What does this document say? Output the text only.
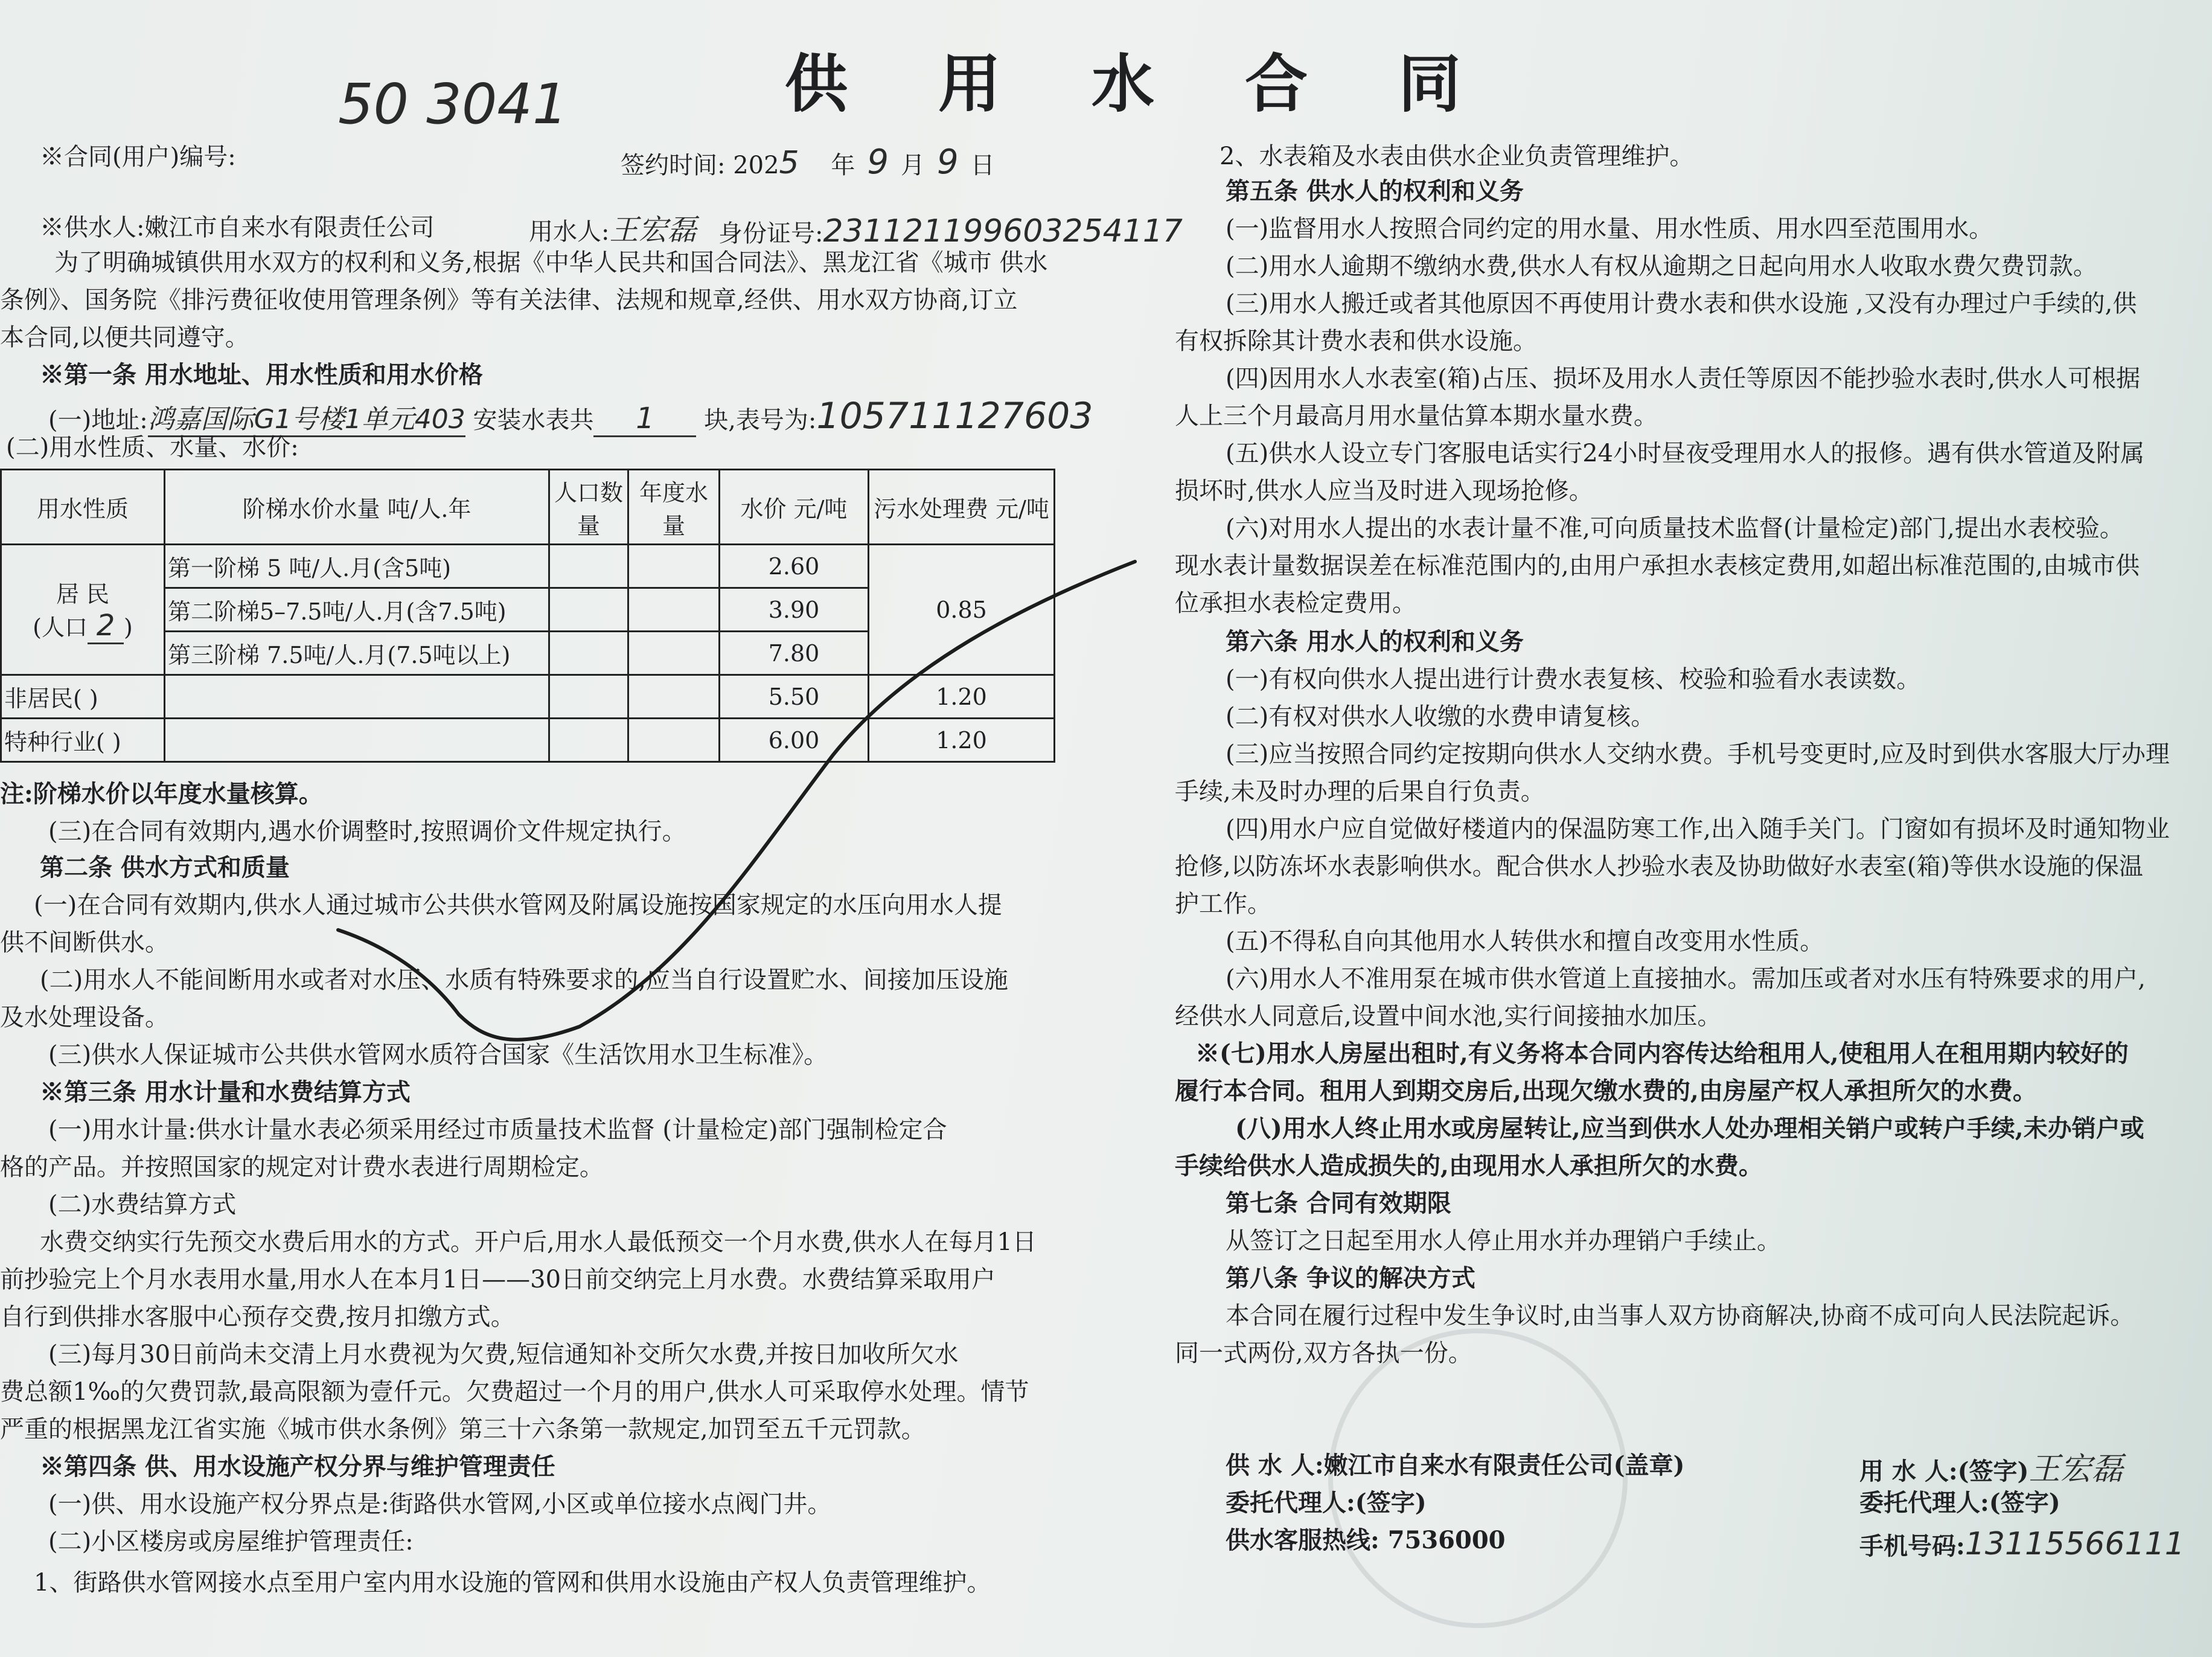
供用水合同
50 3041
※合同(用户)编号:	签约时间: 2025 年 9 月 9 日
※供水人:嫩江市自来水有限责任公司	用水人:王宏磊 身份证号:231121199603254117
为了明确城镇供用水双方的权利和义务,根据《中华人民共和国合同法》、黑龙江省《城市 供水
条例》、国务院《排污费征收使用管理条例》等有关法律、法规和规章,经供、用水双方协商,订立
本合同,以便共同遵守。
※第一条 用水地址、用水性质和用水价格
(一)地址:鸿嘉国际G1号楼1单元403 安装水表共 1 块,表号为:105711127603
(二)用水性质、水量、水价:
用水性质	阶梯水价水量 吨/人.年	人口数量	年度水量	水价 元/吨	污水处理费 元/吨

居 民
(人口 2 )	第一阶梯 5 吨/人.月(含5吨)			2.60	0.85
	第二阶梯5–7.5吨/人.月(含7.5吨)			3.90	
	第三阶梯 7.5吨/人.月(7.5吨以上)			7.80	
非居民( )				5.50	1.20
特种行业( )				6.00	1.20
注:阶梯水价以年度水量核算。
(三)在合同有效期内,遇水价调整时,按照调价文件规定执行。
第二条 供水方式和质量
(一)在合同有效期内,供水人通过城市公共供水管网及附属设施按国家规定的水压向用水人提
供不间断供水。
(二)用水人不能间断用水或者对水压、水质有特殊要求的,应当自行设置贮水、间接加压设施
及水处理设备。
(三)供水人保证城市公共供水管网水质符合国家《生活饮用水卫生标准》。
※第三条 用水计量和水费结算方式
(一)用水计量:供水计量水表必须采用经过市质量技术监督 (计量检定)部门强制检定合
格的产品。并按照国家的规定对计费水表进行周期检定。
(二)水费结算方式
水费交纳实行先预交水费后用水的方式。开户后,用水人最低预交一个月水费,供水人在每月1日
前抄验完上个月水表用水量,用水人在本月1日——30日前交纳完上月水费。水费结算采取用户
自行到供排水客服中心预存交费,按月扣缴方式。
(三)每月30日前尚未交清上月水费视为欠费,短信通知补交所欠水费,并按日加收所欠水
费总额1‰的欠费罚款,最高限额为壹仟元。欠费超过一个月的用户,供水人可采取停水处理。情节
严重的根据黑龙江省实施《城市供水条例》第三十六条第一款规定,加罚至五千元罚款。
※第四条 供、用水设施产权分界与维护管理责任
(一)供、用水设施产权分界点是:街路供水管网,小区或单位接水点阀门井。
(二)小区楼房或房屋维护管理责任:
1、街路供水管网接水点至用户室内用水设施的管网和供用水设施由产权人负责管理维护。
2、水表箱及水表由供水企业负责管理维护。
第五条 供水人的权利和义务
(一)监督用水人按照合同约定的用水量、用水性质、用水四至范围用水。
(二)用水人逾期不缴纳水费,供水人有权从逾期之日起向用水人收取水费欠费罚款。
(三)用水人搬迁或者其他原因不再使用计费水表和供水设施 ,又没有办理过户手续的,供
有权拆除其计费水表和供水设施。
(四)因用水人水表室(箱)占压、损坏及用水人责任等原因不能抄验水表时,供水人可根据
人上三个月最高月用水量估算本期水量水费。
(五)供水人设立专门客服电话实行24小时昼夜受理用水人的报修。遇有供水管道及附属
损坏时,供水人应当及时进入现场抢修。
(六)对用水人提出的水表计量不准,可向质量技术监督(计量检定)部门,提出水表校验。
现水表计量数据误差在标准范围内的,由用户承担水表核定费用,如超出标准范围的,由城市供
位承担水表检定费用。
第六条 用水人的权利和义务
(一)有权向供水人提出进行计费水表复核、校验和验看水表读数。
(二)有权对供水人收缴的水费申请复核。
(三)应当按照合同约定按期向供水人交纳水费。手机号变更时,应及时到供水客服大厅办理
手续,未及时办理的后果自行负责。
(四)用水户应自觉做好楼道内的保温防寒工作,出入随手关门。门窗如有损坏及时通知物业
抢修,以防冻坏水表影响供水。配合供水人抄验水表及协助做好水表室(箱)等供水设施的保温
护工作。
(五)不得私自向其他用水人转供水和擅自改变用水性质。
(六)用水人不准用泵在城市供水管道上直接抽水。需加压或者对水压有特殊要求的用户,
经供水人同意后,设置中间水池,实行间接抽水加压。
※(七)用水人房屋出租时,有义务将本合同内容传达给租用人,使租用人在租用期内较好的
履行本合同。租用人到期交房后,出现欠缴水费的,由房屋产权人承担所欠的水费。
(八)用水人终止用水或房屋转让,应当到供水人处办理相关销户或转户手续,未办销户或
手续给供水人造成损失的,由现用水人承担所欠的水费。
第七条 合同有效期限
从签订之日起至用水人停止用水并办理销户手续止。
第八条 争议的解决方式
本合同在履行过程中发生争议时,由当事人双方协商解决,协商不成可向人民法院起诉。
同一式两份,双方各执一份。
供 水 人:嫩江市自来水有限责任公司(盖章)
委托代理人:(签字)
供水客服热线: 7536000
用 水 人:(签字)王宏磊
委托代理人:(签字)
手机号码:13115566111
